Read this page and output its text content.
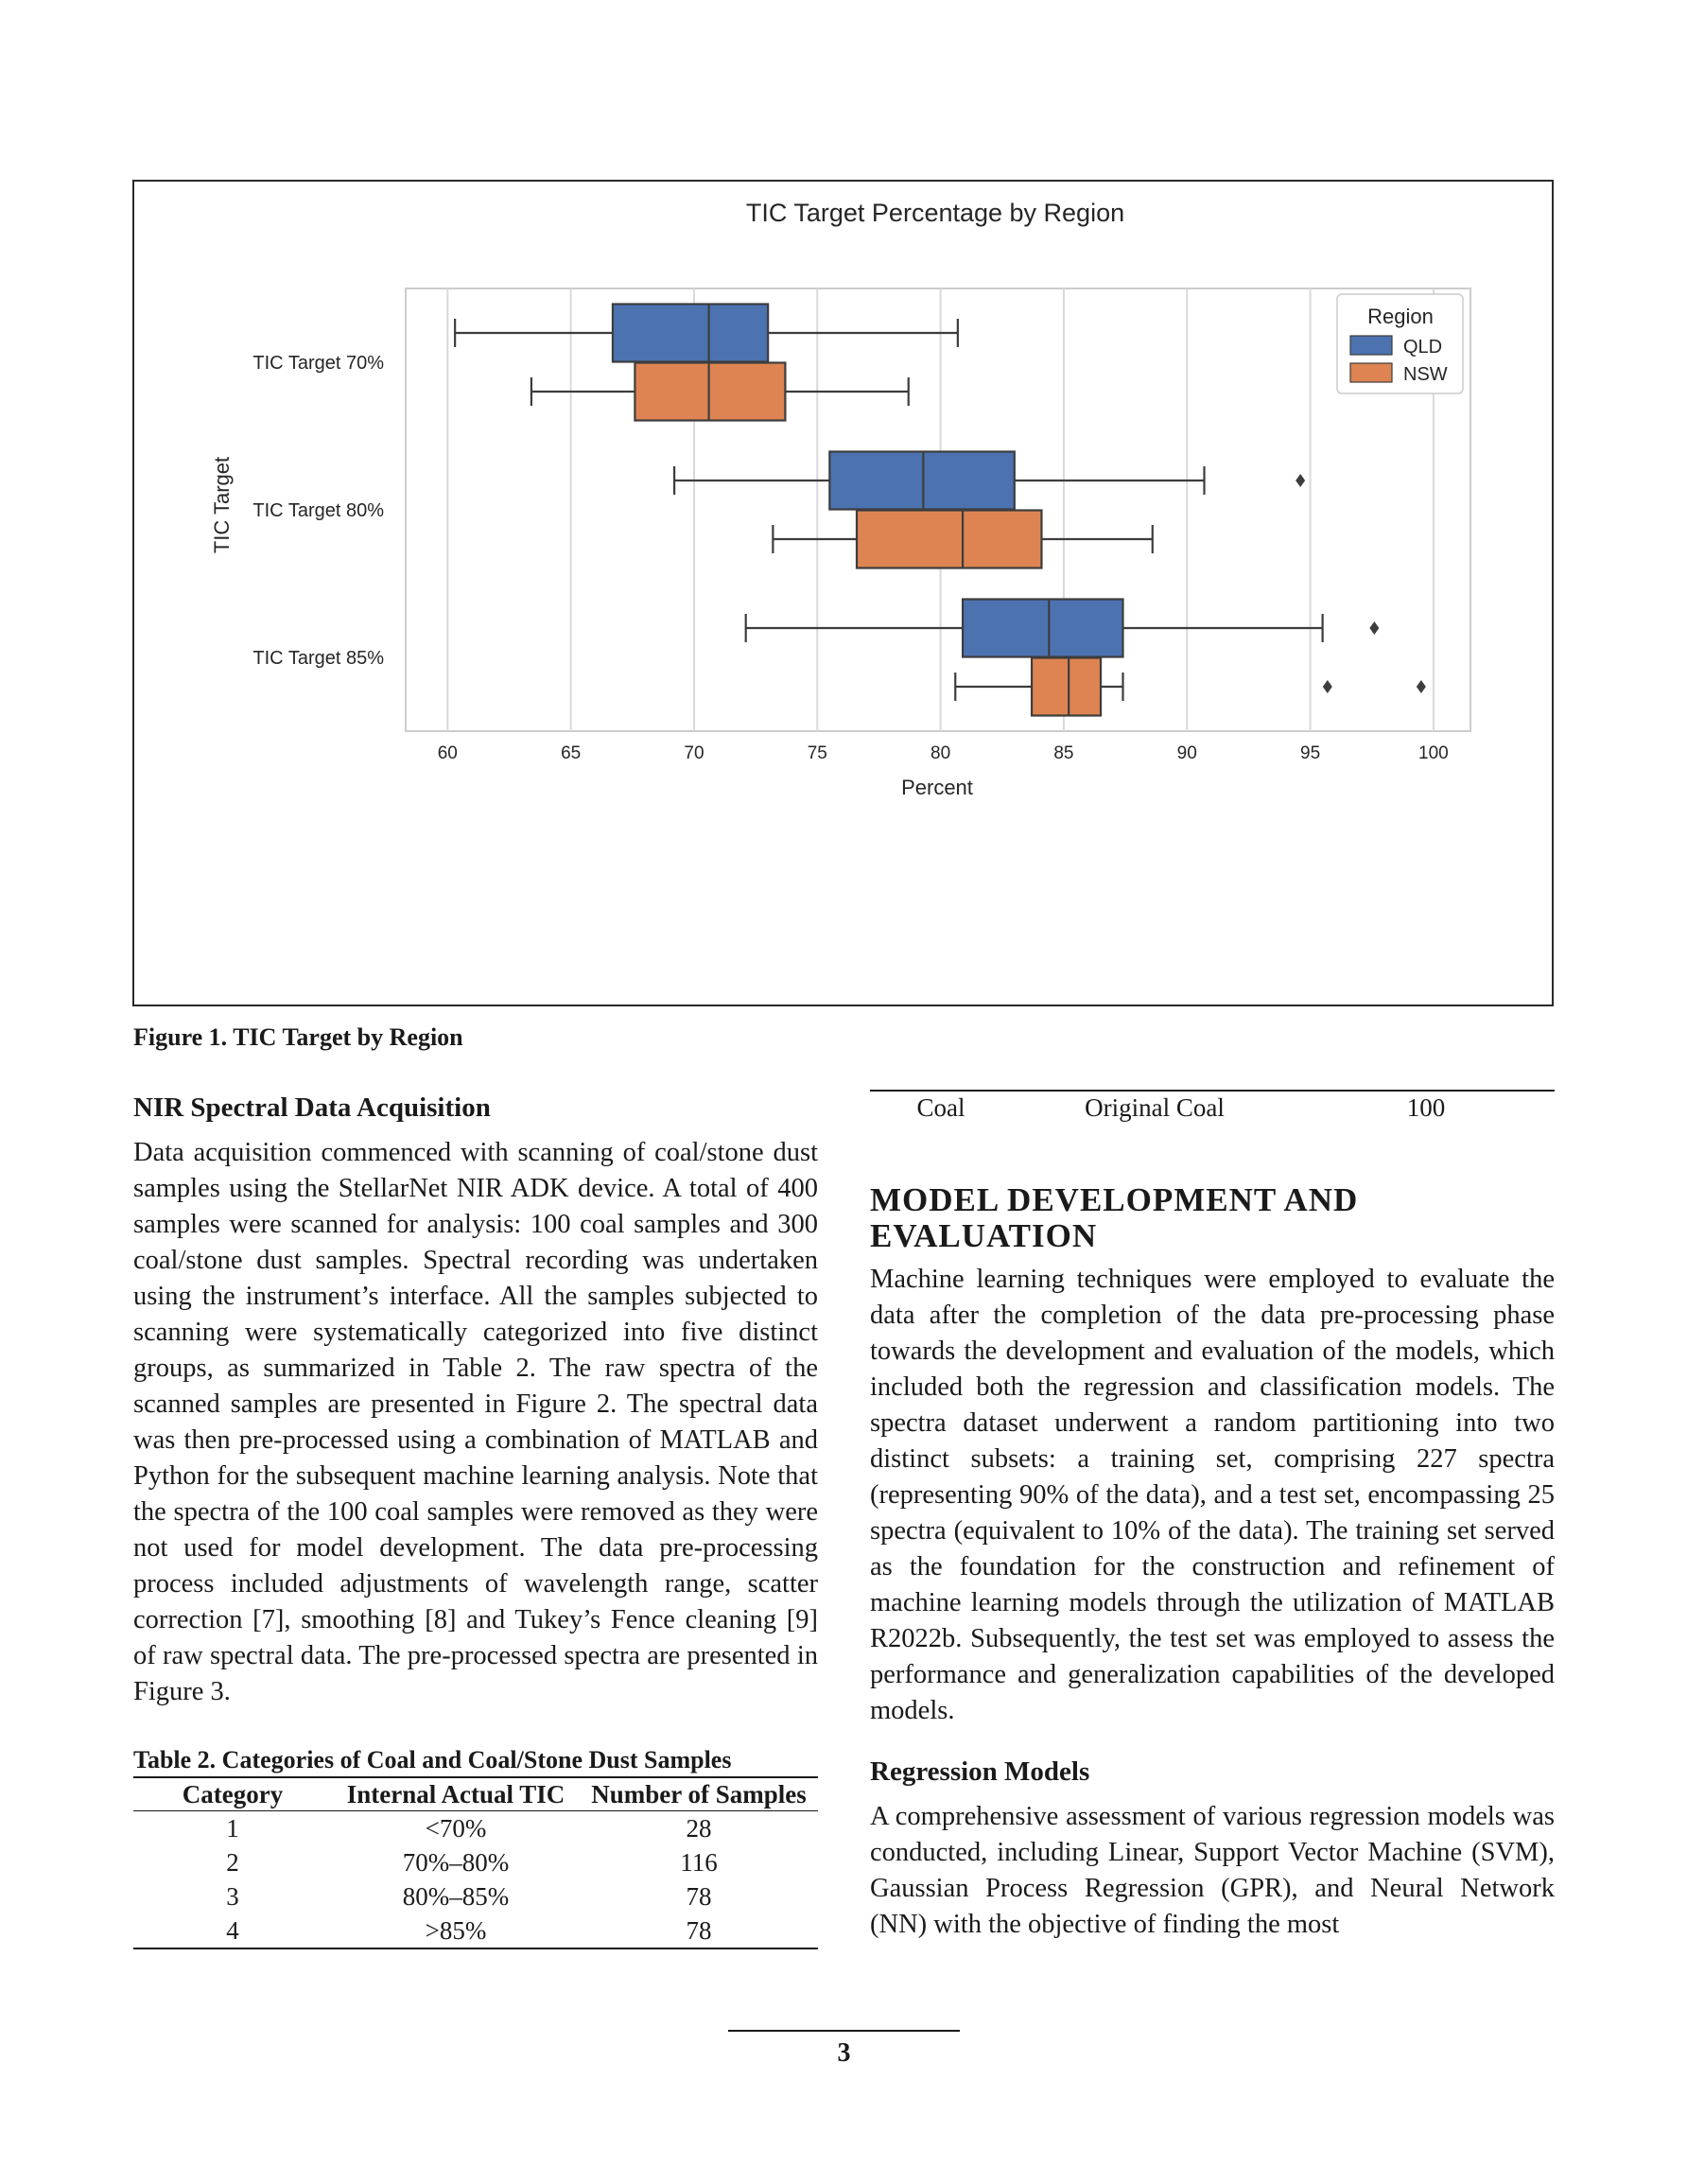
TIC Target Percentage by Region
60	65	70	75	80	85	90	95	100
TIC Target 70%
TIC Target 80%
TIC Target 85%
Percent
TIC Target
Region
QLD
NSW
Figure 1. TIC Target by Region
NIR Spectral Data Acquisition

Data acquisition commenced with scanning of coal/stone dust samples using the StellarNet NIR ADK device. A total of 400 samples were scanned for analysis: 100 coal samples and 300 coal/stone dust samples. Spectral recording was undertaken using the instrument’s interface. All the samples subjected to scanning were systematically categorized into five distinct groups, as summarized in Table 2. The raw spectra of the scanned samples are presented in Figure 2. The spectral data was then pre-processed using a combination of MATLAB and Python for the subsequent machine learning analysis. Note that the spectra of the 100 coal samples were removed as they were not used for model development. The data pre-processing process included adjustments of wavelength range, scatter correction [7], smoothing [8] and Tukey’s Fence cleaning [9] of raw spectral data. The pre-processed spectra are presented in Figure 3.

Table 2. Categories of Coal and Coal/Stone Dust Samples
Category	Internal Actual TIC	Number of Samples
1	<70%	28
2	70%–80%	116
3	80%–85%	78
4	>85%	78
Coal	Original Coal	100
MODEL DEVELOPMENT AND
EVALUATION

Machine learning techniques were employed to evaluate the data after the completion of the data pre-processing phase towards the development and evaluation of the models, which included both the regression and classification models. The spectra dataset underwent a random partitioning into two distinct subsets: a training set, comprising 227 spectra (representing 90% of the data), and a test set, encompassing 25 spectra (equivalent to 10% of the data). The training set served as the foundation for the construction and refinement of machine learning models through the utilization of MATLAB R2022b. Subsequently, the test set was employed to assess the performance and generalization capabilities of the developed models.

Regression Models

A comprehensive assessment of various regression models was conducted, including Linear, Support Vector Machine (SVM), Gaussian Process Regression (GPR), and Neural Network (NN) with the objective of finding the most

3
